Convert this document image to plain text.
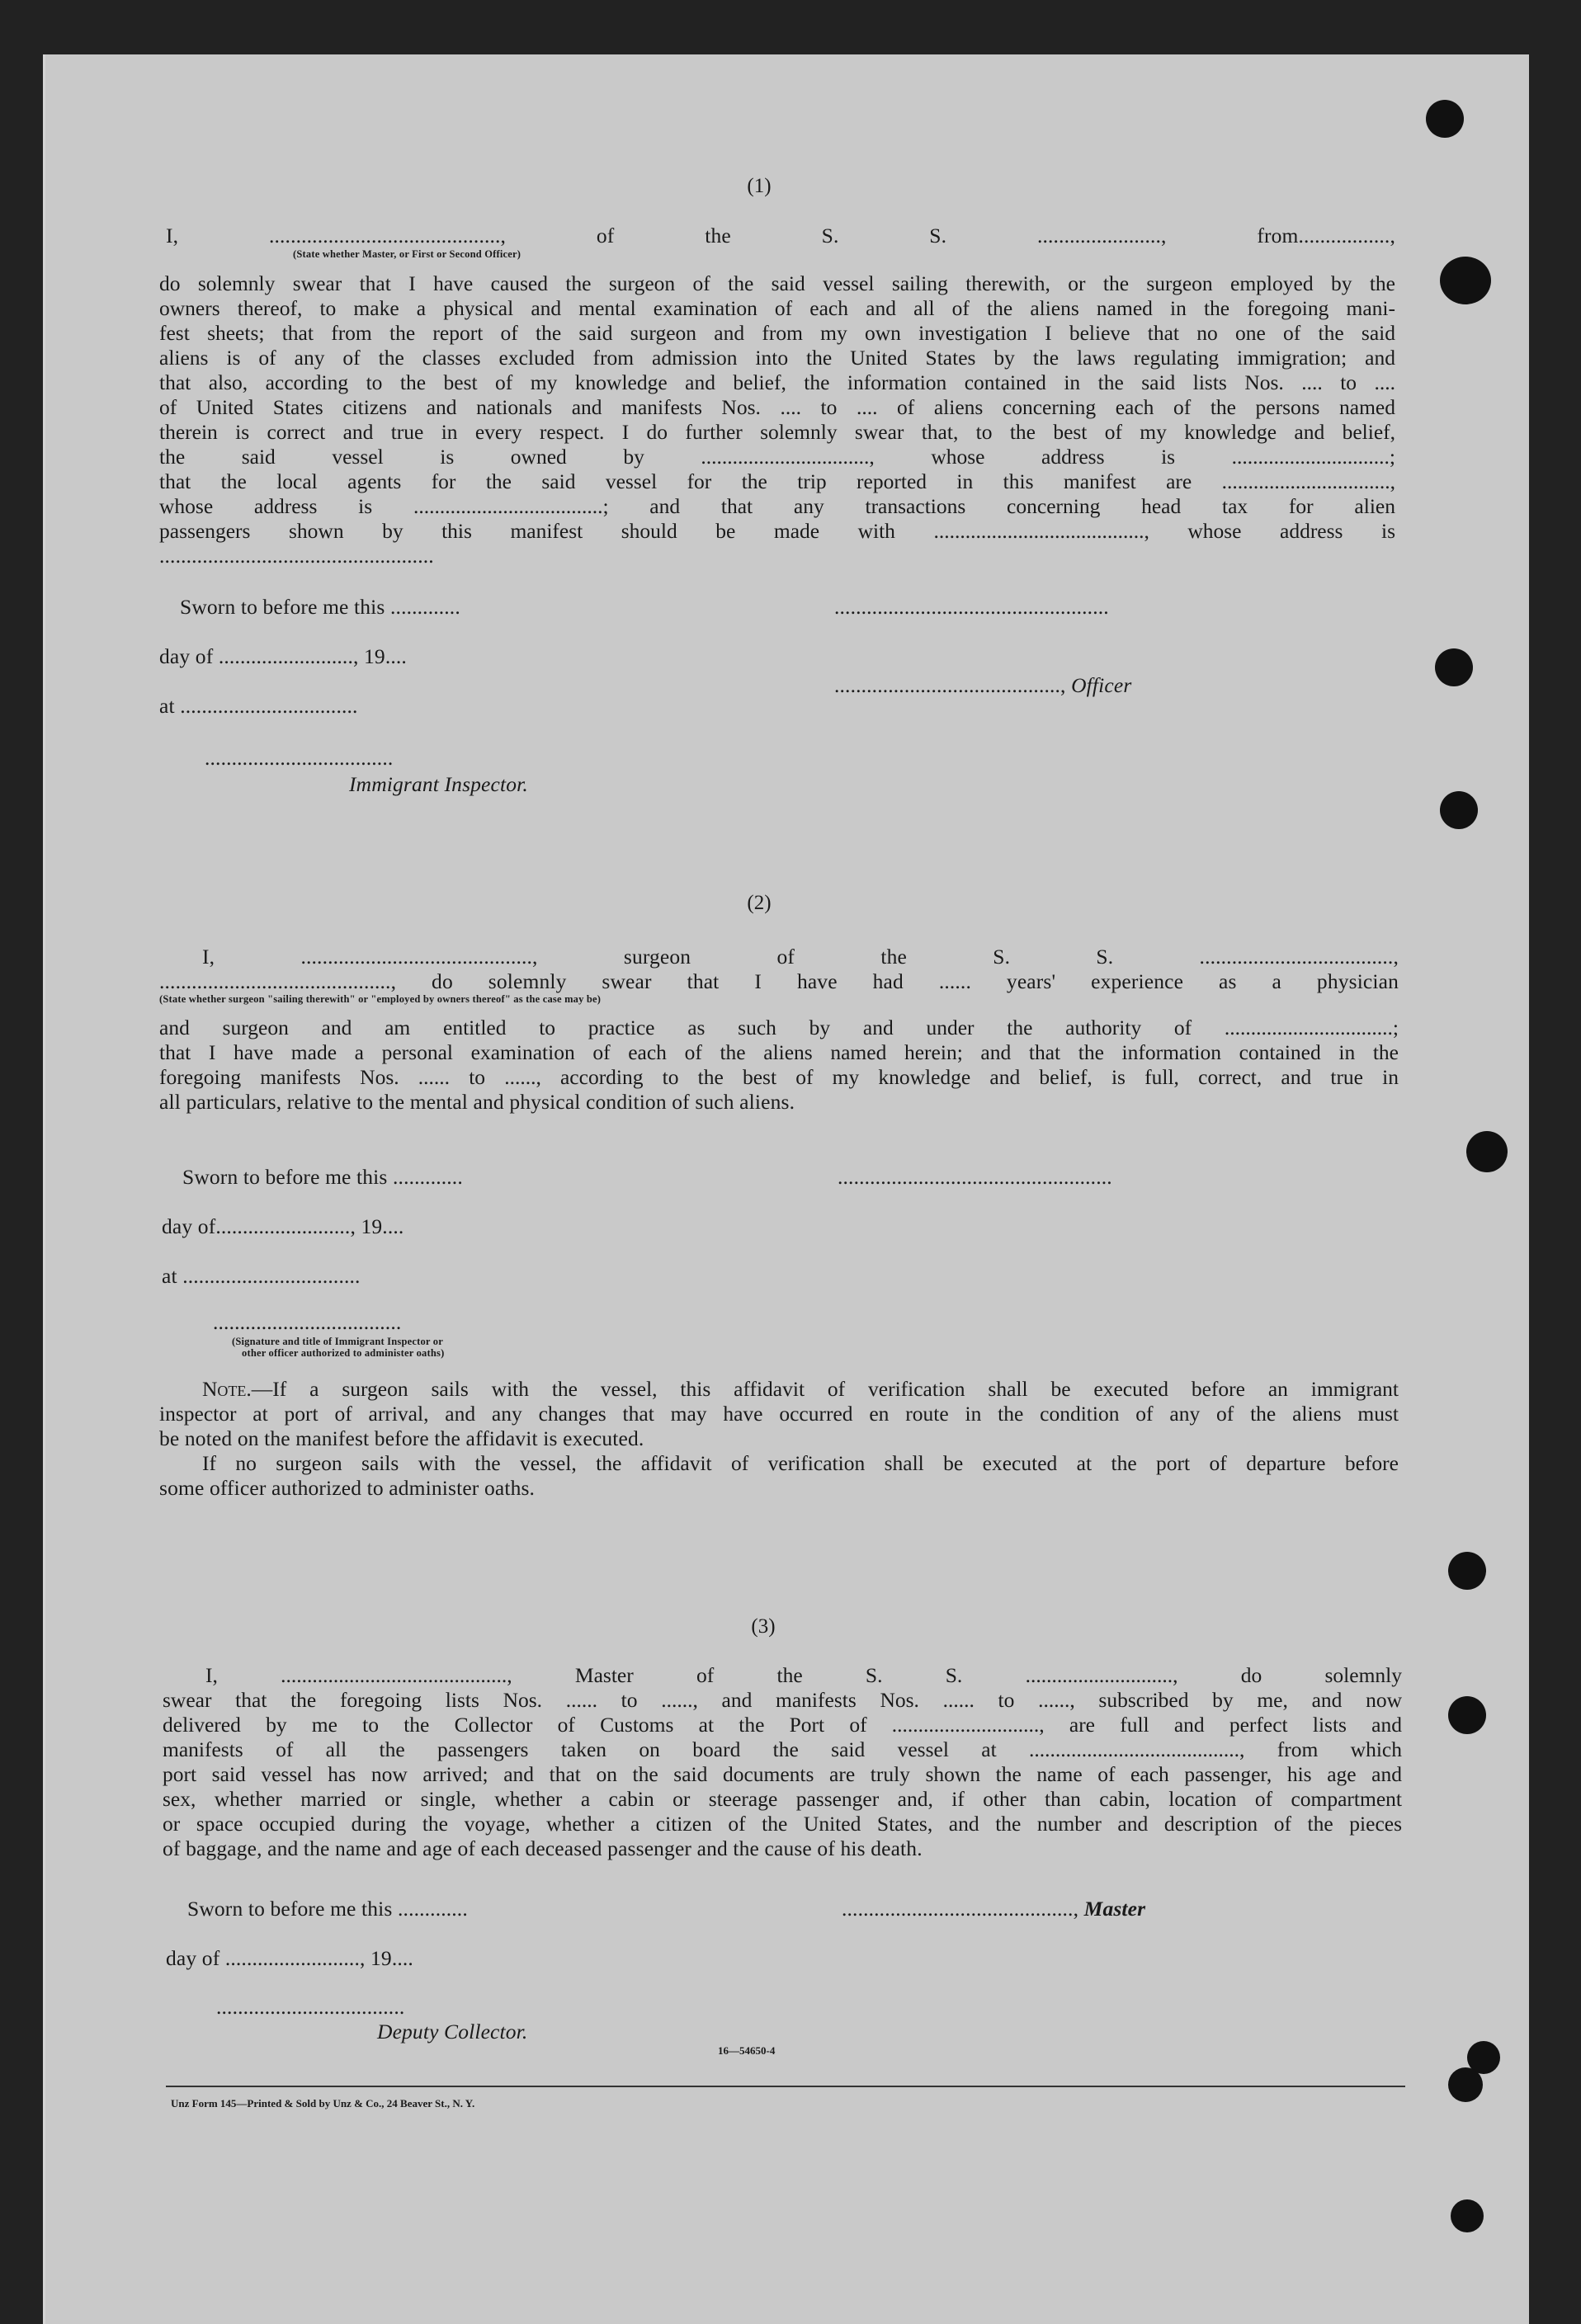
(1)
I, ..........................................., of the S. S. ......................., from.................,
(State whether Master, or First or Second Officer)
do solemnly swear that I have caused the surgeon of the said vessel sailing therewith, or the surgeon employed by the
owners thereof, to make a physical and mental examination of each and all of the aliens named in the foregoing mani-
fest sheets; that from the report of the said surgeon and from my own investigation I believe that no one of the said
aliens is of any of the classes excluded from admission into the United States by the laws regulating immigration; and
that also, according to the best of my knowledge and belief, the information contained in the said lists Nos. .... to ....
of United States citizens and nationals and manifests Nos. .... to .... of aliens concerning each of the persons named
therein is correct and true in every respect. I do further solemnly swear that, to the best of my knowledge and belief,
the said vessel is owned by ................................, whose address is ..............................;
that the local agents for the said vessel for the trip reported in this manifest are ................................,
whose address is ....................................; and that any transactions concerning head tax for alien
passengers shown by this manifest should be made with ........................................, whose address is
...................................................
Sworn to before me this .............	...................................................
day of ........................., 19....
.........................................., Officer
at .................................
...................................
Immigrant Inspector.
(2)
I, ..........................................., surgeon of the S. S. ....................................,
..........................................., do solemnly swear that I have had ...... years' experience as a physician
(State whether surgeon "sailing therewith" or "employed by owners thereof" as the case may be)
and surgeon and am entitled to practice as such by and under the authority of ................................;
that I have made a personal examination of each of the aliens named herein; and that the information contained in the
foregoing manifests Nos. ...... to ......, according to the best of my knowledge and belief, is full, correct, and true in
all particulars, relative to the mental and physical condition of such aliens.
Sworn to before me this .............	...................................................
day of........................., 19....
at .................................
...................................
(Signature and title of Immigrant Inspector or
other officer authorized to administer oaths)
Note.—If a surgeon sails with the vessel, this affidavit of verification shall be executed before an immigrant
inspector at port of arrival, and any changes that may have occurred en route in the condition of any of the aliens must
be noted on the manifest before the affidavit is executed.
If no surgeon sails with the vessel, the affidavit of verification shall be executed at the port of departure before
some officer authorized to administer oaths.
(3)
I, ..........................................., Master of the S. S. ............................, do solemnly
swear that the foregoing lists Nos. ...... to ......, and manifests Nos. ...... to ......, subscribed by me, and now
delivered by me to the Collector of Customs at the Port of ............................, are full and perfect lists and
manifests of all the passengers taken on board the said vessel at ........................................, from which
port said vessel has now arrived; and that on the said documents are truly shown the name of each passenger, his age and
sex, whether married or single, whether a cabin or steerage passenger and, if other than cabin, location of compartment
or space occupied during the voyage, whether a citizen of the United States, and the number and description of the pieces
of baggage, and the name and age of each deceased passenger and the cause of his death.
Sworn to before me this .............	..........................................., Master
day of ........................., 19....
...................................
Deputy Collector.
16—54650-4
Unz Form 145—Printed & Sold by Unz & Co., 24 Beaver St., N. Y.
